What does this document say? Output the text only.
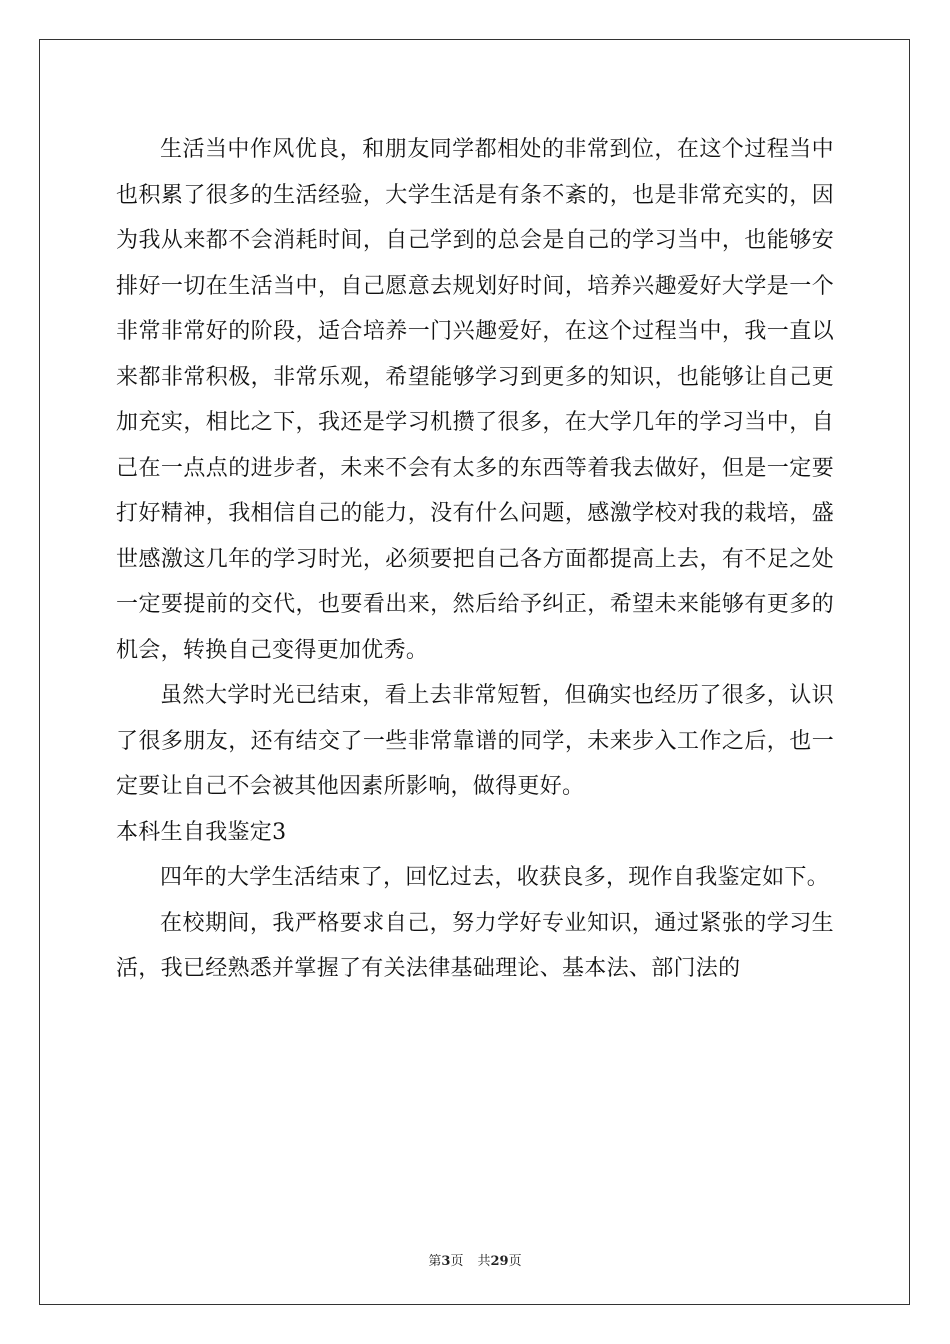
生活当中作风优良，和朋友同学都相处的非常到位，在这个过程当中也积累了很多的生活经验，大学生活是有条不紊的，也是非常充实的，因为我从来都不会消耗时间，自己学到的总会是自己的学习当中，也能够安排好一切在生活当中，自己愿意去规划好时间，培养兴趣爱好大学是一个非常非常好的阶段，适合培养一门兴趣爱好，在这个过程当中，我一直以来都非常积极，非常乐观，希望能够学习到更多的知识，也能够让自己更加充实，相比之下，我还是学习机攒了很多，在大学几年的学习当中，自己在一点点的进步者，未来不会有太多的东西等着我去做好，但是一定要打好精神，我相信自己的能力，没有什么问题，感激学校对我的栽培，盛世感激这几年的学习时光，必须要把自己各方面都提高上去，有不足之处一定要提前的交代，也要看出来，然后给予纠正，希望未来能够有更多的机会，转换自己变得更加优秀。

虽然大学时光已结束，看上去非常短暂，但确实也经历了很多，认识了很多朋友，还有结交了一些非常靠谱的同学，未来步入工作之后，也一定要让自己不会被其他因素所影响，做得更好。

本科生自我鉴定3

四年的大学生活结束了，回忆过去，收获良多，现作自我鉴定如下。

在校期间，我严格要求自己，努力学好专业知识，通过紧张的学习生活，我已经熟悉并掌握了有关法律基础理论、基本法、部门法的

第3页 共29页
